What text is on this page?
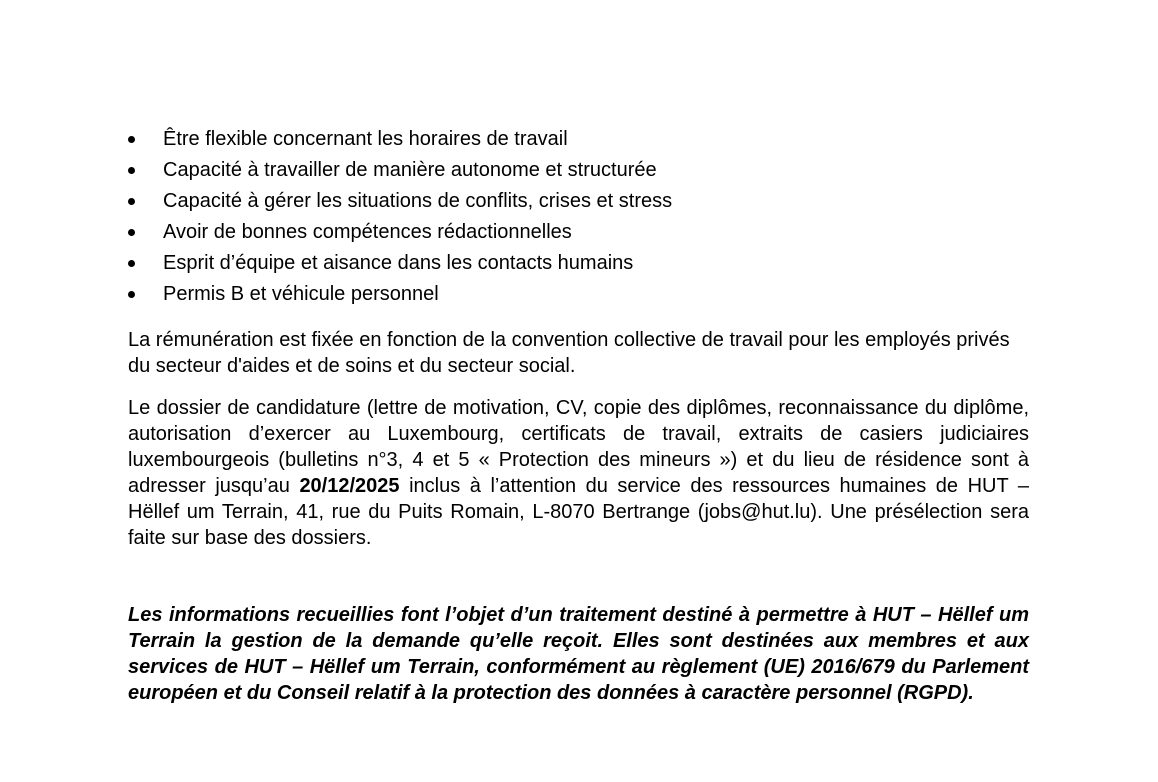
Être flexible concernant les horaires de travail
Capacité à travailler de manière autonome et structurée
Capacité à gérer les situations de conflits, crises et stress
Avoir de bonnes compétences rédactionnelles
Esprit d’équipe et aisance dans les contacts humains
Permis B et véhicule personnel

La rémunération est fixée en fonction de la convention collective de travail pour les employés privés du secteur d'aides et de soins et du secteur social.

Le dossier de candidature (lettre de motivation, CV, copie des diplômes, reconnaissance du diplôme, autorisation d’exercer au Luxembourg, certificats de travail, extraits de casiers judiciaires luxembourgeois (bulletins n°3, 4 et 5 « Protection des mineurs ») et du lieu de résidence sont à adresser jusqu’au 20/12/2025 inclus à l’attention du service des ressources humaines de HUT – Hëllef um Terrain, 41, rue du Puits Romain, L-8070 Bertrange (jobs@hut.lu). Une présélection sera faite sur base des dossiers.

Les informations recueillies font l’objet d’un traitement destiné à permettre à HUT – Hëllef um Terrain la gestion de la demande qu’elle reçoit. Elles sont destinées aux membres et aux services de HUT – Hëllef um Terrain, conformément au règlement (UE) 2016/679 du Parlement européen et du Conseil relatif à la protection des données à caractère personnel (RGPD).
